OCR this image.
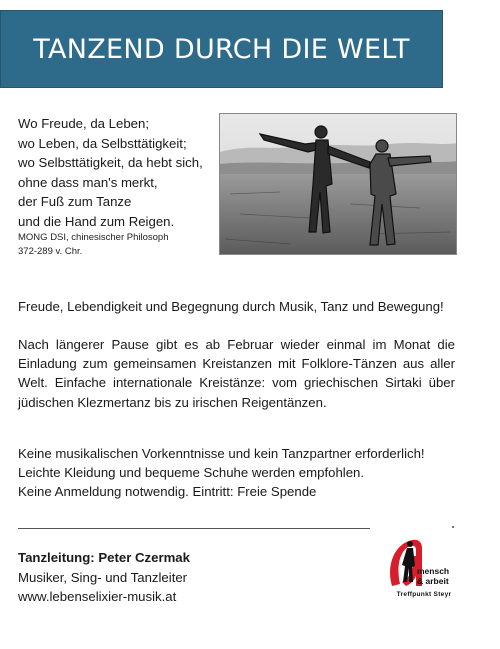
TANZEND DURCH DIE WELT
Wo Freude, da Leben;
wo Leben, da Selbsttätigkeit;
wo Selbsttätigkeit, da hebt sich,
ohne dass man's merkt,
der Fuß zum Tanze
und die Hand zum Reigen.
MONG DSI, chinesischer Philosoph
372-289 v. Chr.
Freude, Lebendigkeit und Begegnung durch Musik, Tanz und Bewegung!
Nach längerer Pause gibt es ab Februar wieder einmal im Monat die Einladung zum gemeinsamen Kreistanzen mit Folklore-Tänzen aus aller Welt. Einfache internationale Kreistänze: vom griechischen Sirtaki über jüdischen Klezmertanz bis zu irischen Reigentänzen.
Keine musikalischen Vorkenntnisse und kein Tanzpartner erforderlich!
Leichte Kleidung und bequeme Schuhe werden empfohlen.
Keine Anmeldung notwendig. Eintritt: Freie Spende
Tanzleitung: Peter Czermak
Musiker, Sing- und Tanzleiter
www.lebenselixier-musik.at
mensch
& arbeit
Treffpunkt Steyr
